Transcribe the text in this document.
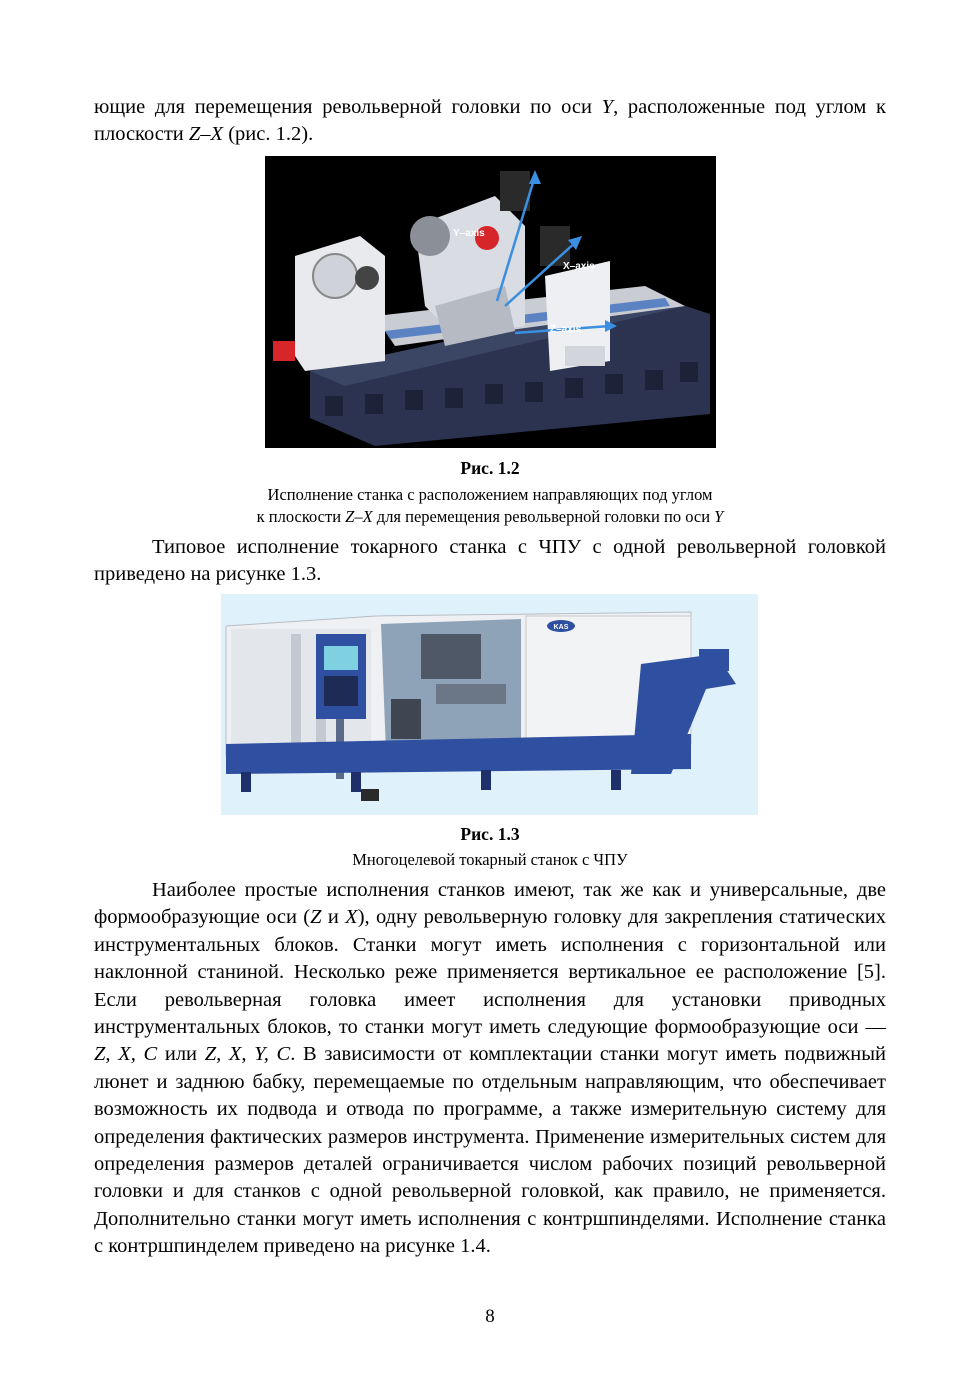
ющие для перемещения револьверной головки по оси Y, расположенные под углом к плоскости Z–X (рис. 1.2).

Y–axis
X–axis
Z–axis
Рис. 1.2
Исполнение станка с расположением направляющих под углом
к плоскости Z–X для перемещения револьверной головки по оси Y

Типовое исполнение токарного станка с ЧПУ с одной револьверной головкой приведено на рисунке 1.3.

KAS
Рис. 1.3
Многоцелевой токарный станок с ЧПУ

Наиболее простые исполнения станков имеют, так же как и универсальные, две формообразующие оси (Z и X), одну револьверную головку для закрепления статических инструментальных блоков. Станки могут иметь исполнения с горизонтальной или наклонной станиной. Несколько реже применяется вертикальное ее расположение [5]. Если револьверная головка имеет исполнения для установки приводных инструментальных блоков, то станки могут иметь следующие формообразующие оси — Z, X, C или Z, X, Y, C. В зависимости от комплектации станки могут иметь подвижный люнет и заднюю бабку, перемещаемые по отдельным направляющим, что обеспечивает возможность их подвода и отвода по программе, а также измерительную систему для определения фактических размеров инструмента. Применение измерительных систем для определения размеров деталей ограничивается числом рабочих позиций револьверной головки и для станков с одной револьверной головкой, как правило, не применяется. Дополнительно станки могут иметь исполнения с контршпинделями. Исполнение станка с контршпинделем приведено на рисунке 1.4.

8
